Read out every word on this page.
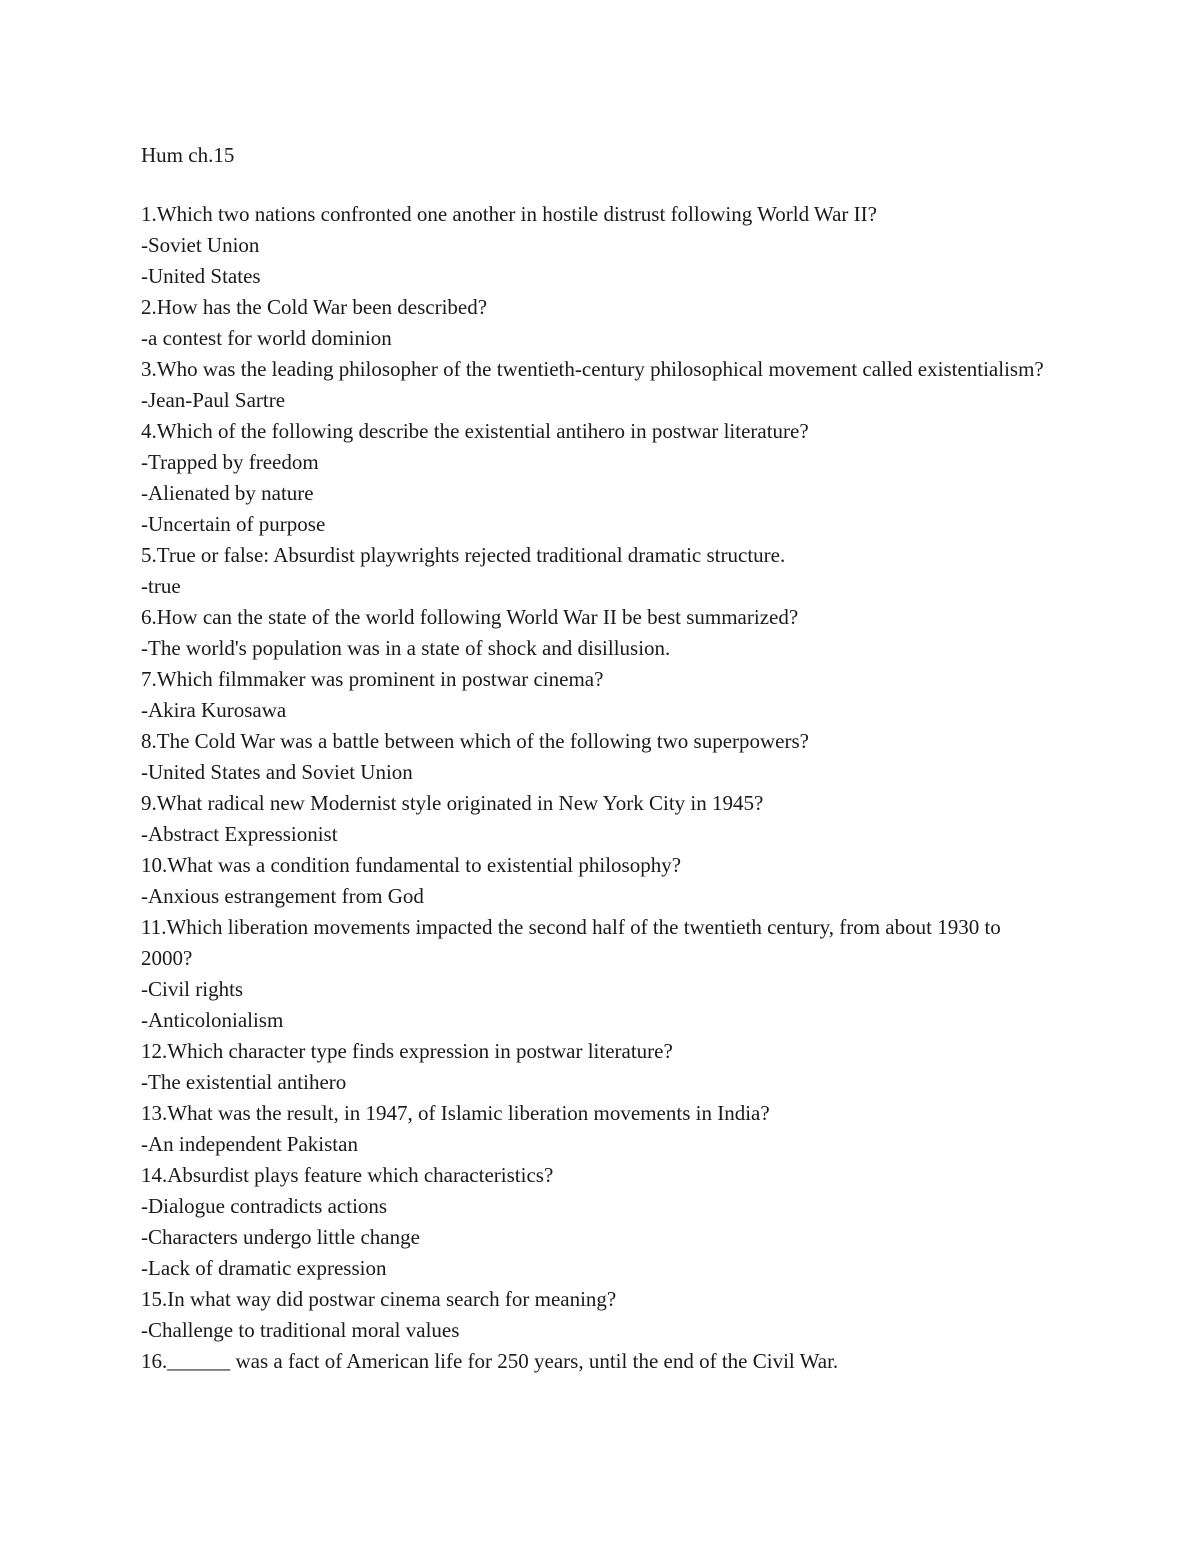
Hum ch.15
1.Which two nations confronted one another in hostile distrust following World War II?
-Soviet Union
-United States
2.How has the Cold War been described?
-a contest for world dominion
3.Who was the leading philosopher of the twentieth-century philosophical movement called existentialism?
-Jean-Paul Sartre
4.Which of the following describe the existential antihero in postwar literature?
-Trapped by freedom
-Alienated by nature
-Uncertain of purpose
5.True or false: Absurdist playwrights rejected traditional dramatic structure.
-true
6.How can the state of the world following World War II be best summarized?
-The world's population was in a state of shock and disillusion.
7.Which filmmaker was prominent in postwar cinema?
-Akira Kurosawa
8.The Cold War was a battle between which of the following two superpowers?
-United States and Soviet Union
9.What radical new Modernist style originated in New York City in 1945?
-Abstract Expressionist
10.What was a condition fundamental to existential philosophy?
-Anxious estrangement from God
11.Which liberation movements impacted the second half of the twentieth century, from about 1930 to 2000?
-Civil rights
-Anticolonialism
12.Which character type finds expression in postwar literature?
-The existential antihero
13.What was the result, in 1947, of Islamic liberation movements in India?
-An independent Pakistan
14.Absurdist plays feature which characteristics?
-Dialogue contradicts actions
-Characters undergo little change
-Lack of dramatic expression
15.In what way did postwar cinema search for meaning?
-Challenge to traditional moral values
16.______ was a fact of American life for 250 years, until the end of the Civil War.
